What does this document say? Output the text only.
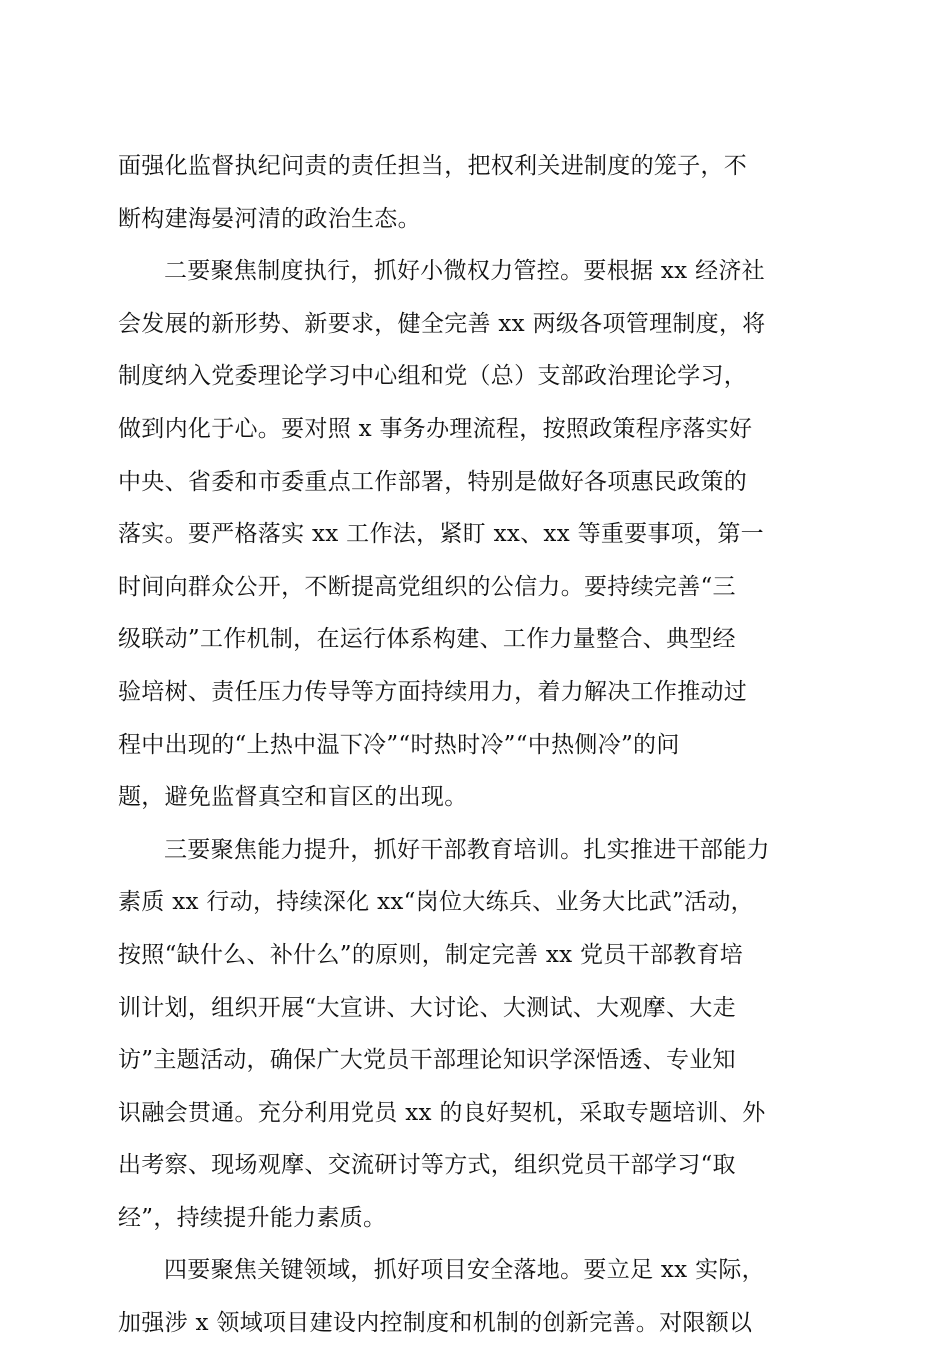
面强化监督执纪问责的责任担当，把权利关进制度的笼子，不
断构建海晏河清的政治生态。
二要聚焦制度执行，抓好小微权力管控。要根据 xx 经济社
会发展的新形势、新要求，健全完善 xx 两级各项管理制度，将
制度纳入党委理论学习中心组和党（总）支部政治理论学习，
做到内化于心。要对照 x 事务办理流程，按照政策程序落实好
中央、省委和市委重点工作部署，特别是做好各项惠民政策的
落实。要严格落实 xx 工作法，紧盯 xx、xx 等重要事项，第一
时间向群众公开，不断提高党组织的公信力。要持续完善“三
级联动”工作机制，在运行体系构建、工作力量整合、典型经
验培树、责任压力传导等方面持续用力，着力解决工作推动过
程中出现的“上热中温下冷”“时热时冷”“中热侧冷”的问
题，避免监督真空和盲区的出现。
三要聚焦能力提升，抓好干部教育培训。扎实推进干部能力
素质 xx 行动，持续深化 xx“岗位大练兵、业务大比武”活动，
按照“缺什么、补什么”的原则，制定完善 xx 党员干部教育培
训计划，组织开展“大宣讲、大讨论、大测试、大观摩、大走
访”主题活动，确保广大党员干部理论知识学深悟透、专业知
识融会贯通。充分利用党员 xx 的良好契机，采取专题培训、外
出考察、现场观摩、交流研讨等方式，组织党员干部学习“取
经”，持续提升能力素质。
四要聚焦关键领域，抓好项目安全落地。要立足 xx 实际，
加强涉 x 领域项目建设内控制度和机制的创新完善。对限额以
